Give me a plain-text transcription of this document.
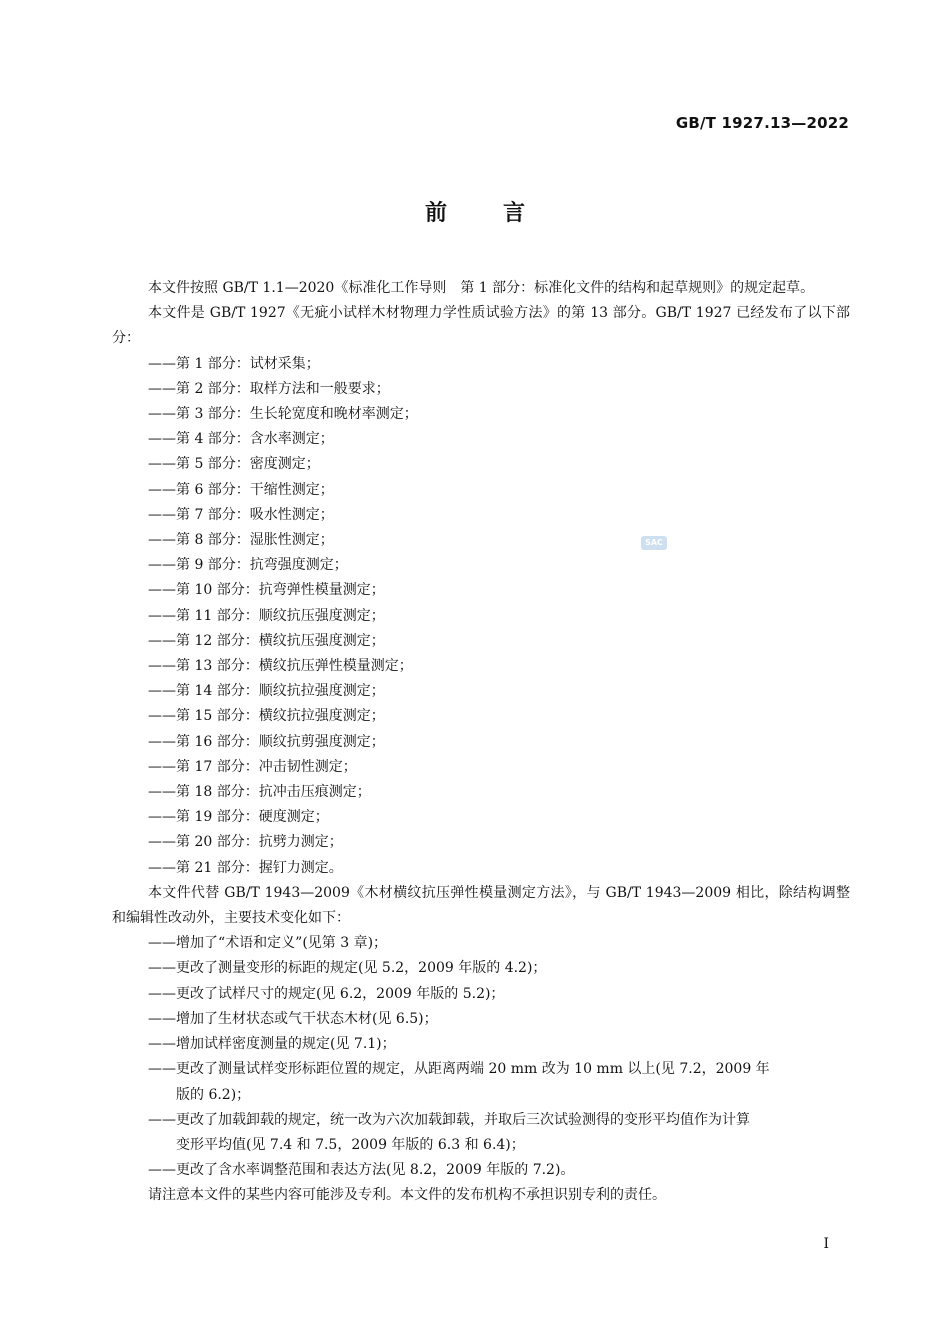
GB/T 1927.13—2022
前言
SAC

本文件按照 GB/T 1.1—2020《标准化工作导则　第 1 部分：标准化文件的结构和起草规则》的规定起草。

本文件是 GB/T 1927《无疵小试样木材物理力学性质试验方法》的第 13 部分。GB/T 1927 已经发布了以下部分：

——第 1 部分：试材采集；

——第 2 部分：取样方法和一般要求；

——第 3 部分：生长轮宽度和晚材率测定；

——第 4 部分：含水率测定；

——第 5 部分：密度测定；

——第 6 部分：干缩性测定；

——第 7 部分：吸水性测定；

——第 8 部分：湿胀性测定；

——第 9 部分：抗弯强度测定；

——第 10 部分：抗弯弹性模量测定；

——第 11 部分：顺纹抗压强度测定；

——第 12 部分：横纹抗压强度测定；

——第 13 部分：横纹抗压弹性模量测定；

——第 14 部分：顺纹抗拉强度测定；

——第 15 部分：横纹抗拉强度测定；

——第 16 部分：顺纹抗剪强度测定；

——第 17 部分：冲击韧性测定；

——第 18 部分：抗冲击压痕测定；

——第 19 部分：硬度测定；

——第 20 部分：抗劈力测定；

——第 21 部分：握钉力测定。

本文件代替 GB/T 1943—2009《木材横纹抗压弹性模量测定方法》，与 GB/T 1943—2009 相比，除结构调整和编辑性改动外，主要技术变化如下：

——增加了“术语和定义”(见第 3 章)；

——更改了测量变形的标距的规定(见 5.2，2009 年版的 4.2)；

——更改了试样尺寸的规定(见 6.2，2009 年版的 5.2)；

——增加了生材状态或气干状态木材(见 6.5)；

——增加试样密度测量的规定(见 7.1)；

——更改了测量试样变形标距位置的规定，从距离两端 20 mm 改为 10 mm 以上(见 7.2，2009 年
版的 6.2)；

——更改了加载卸载的规定，统一改为六次加载卸载，并取后三次试验测得的变形平均值作为计算
变形平均值(见 7.4 和 7.5，2009 年版的 6.3 和 6.4)；

——更改了含水率调整范围和表达方法(见 8.2，2009 年版的 7.2)。

请注意本文件的某些内容可能涉及专利。本文件的发布机构不承担识别专利的责任。

I
